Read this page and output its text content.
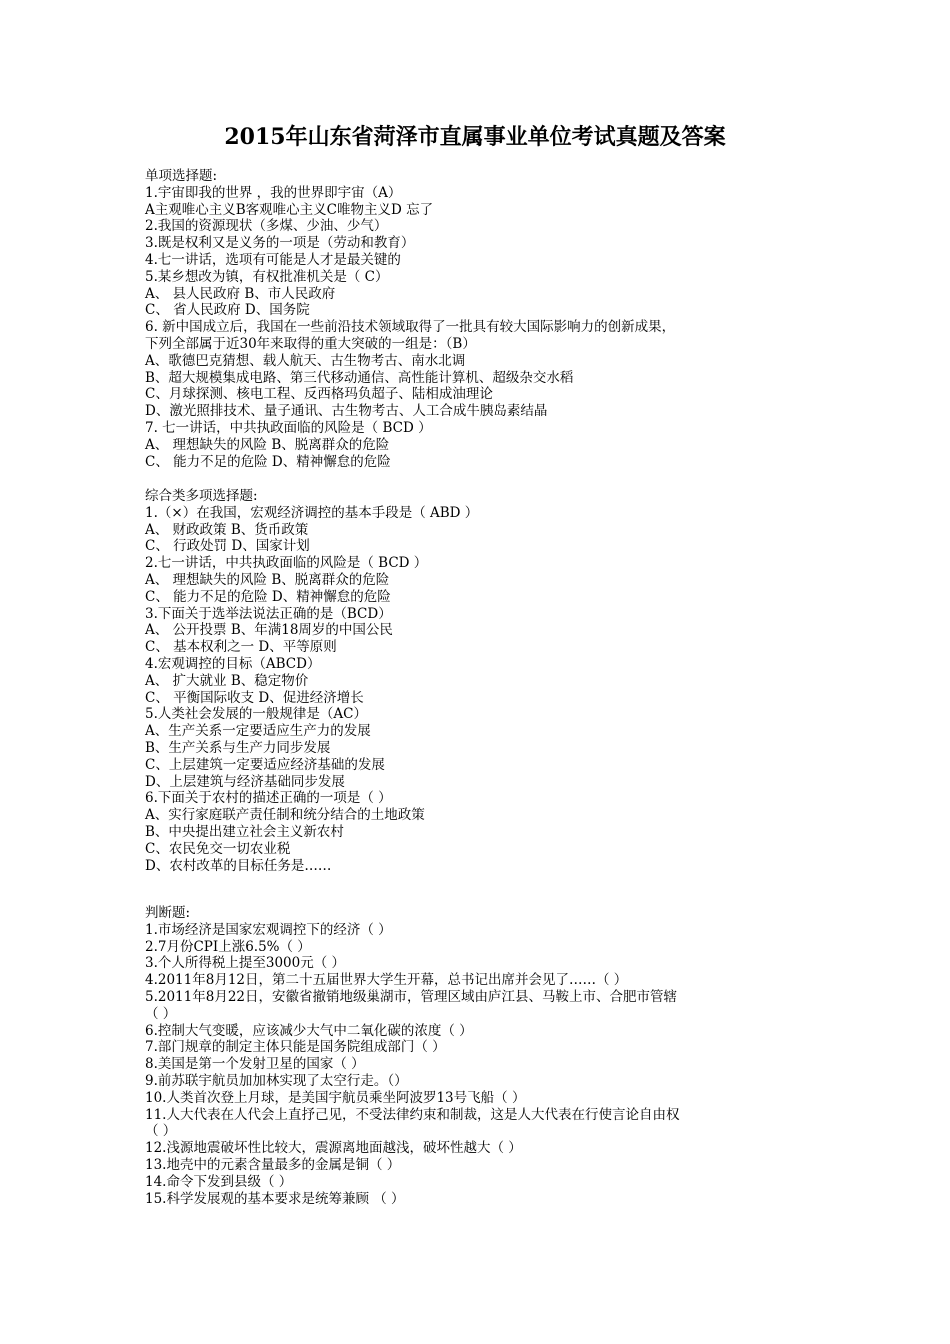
2015年山东省菏泽市直属事业单位考试真题及答案
单项选择题:
1.宇宙即我的世界 ，我的世界即宇宙（A）
A主观唯心主义B客观唯心主义C唯物主义D 忘了
2.我国的资源现状（多煤、少油、少气）
3.既是权利又是义务的一项是（劳动和教育）
4.七一讲话，选项有可能是人才是最关键的
5.某乡想改为镇，有权批准机关是（ C）
A、 县人民政府 B、市人民政府
C、 省人民政府 D、国务院
6. 新中国成立后，我国在一些前沿技术领域取得了一批具有较大国际影响力的创新成果，
下列全部属于近30年来取得的重大突破的一组是：（B）
A、歌德巴克猜想、载人航天、古生物考古、南水北调
B、超大规模集成电路、第三代移动通信、高性能计算机、超级杂交水稻
C、月球探测、核电工程、反西格玛负超子、陆相成油理论
D、激光照排技术、量子通讯、古生物考古、人工合成牛胰岛素结晶
7. 七一讲话，中共执政面临的风险是（ BCD ）
A、 理想缺失的风险 B、脱离群众的危险
C、 能力不足的危险 D、精神懈怠的危险
综合类多项选择题:
1.（×）在我国，宏观经济调控的基本手段是（ ABD ）
A、 财政政策 B、货币政策
C、 行政处罚 D、国家计划
2.七一讲话，中共执政面临的风险是（ BCD ）
A、 理想缺失的风险 B、脱离群众的危险
C、 能力不足的危险 D、精神懈怠的危险
3.下面关于选举法说法正确的是（BCD）
A、 公开投票 B、年满18周岁的中国公民
C、 基本权利之一 D、平等原则
4.宏观调控的目标（ABCD）
A、 扩大就业 B、稳定物价
C、 平衡国际收支 D、促进经济增长
5.人类社会发展的一般规律是（AC）
A、生产关系一定要适应生产力的发展
B、生产关系与生产力同步发展
C、上层建筑一定要适应经济基础的发展
D、上层建筑与经济基础同步发展
6.下面关于农村的描述正确的一项是（ ）
A、实行家庭联产责任制和统分结合的土地政策
B、中央提出建立社会主义新农村
C、农民免交一切农业税
D、农村改革的目标任务是……
判断题:
1.市场经济是国家宏观调控下的经济（ ）
2.7月份CPI上涨6.5%（ ）
3.个人所得税上提至3000元（ ）
4.2011年8月12日，第二十五届世界大学生开幕，总书记出席并会见了……（ ）
5.2011年8月22日，安徽省撤销地级巢湖市，管理区域由庐江县、马鞍上市、合肥市管辖
（ ）
6.控制大气变暖，应该减少大气中二氧化碳的浓度（ ）
7.部门规章的制定主体只能是国务院组成部门（ ）
8.美国是第一个发射卫星的国家（ ）
9.前苏联宇航员加加林实现了太空行走。（）
10.人类首次登上月球，是美国宇航员乘坐阿波罗13号飞船（ ）
11.人大代表在人代会上直抒己见，不受法律约束和制裁，这是人大代表在行使言论自由权
（ ）
12.浅源地震破坏性比较大，震源离地面越浅，破坏性越大（ ）
13.地壳中的元素含量最多的金属是铜（ ）
14.命令下发到县级（ ）
15.科学发展观的基本要求是统筹兼顾 （ ）
